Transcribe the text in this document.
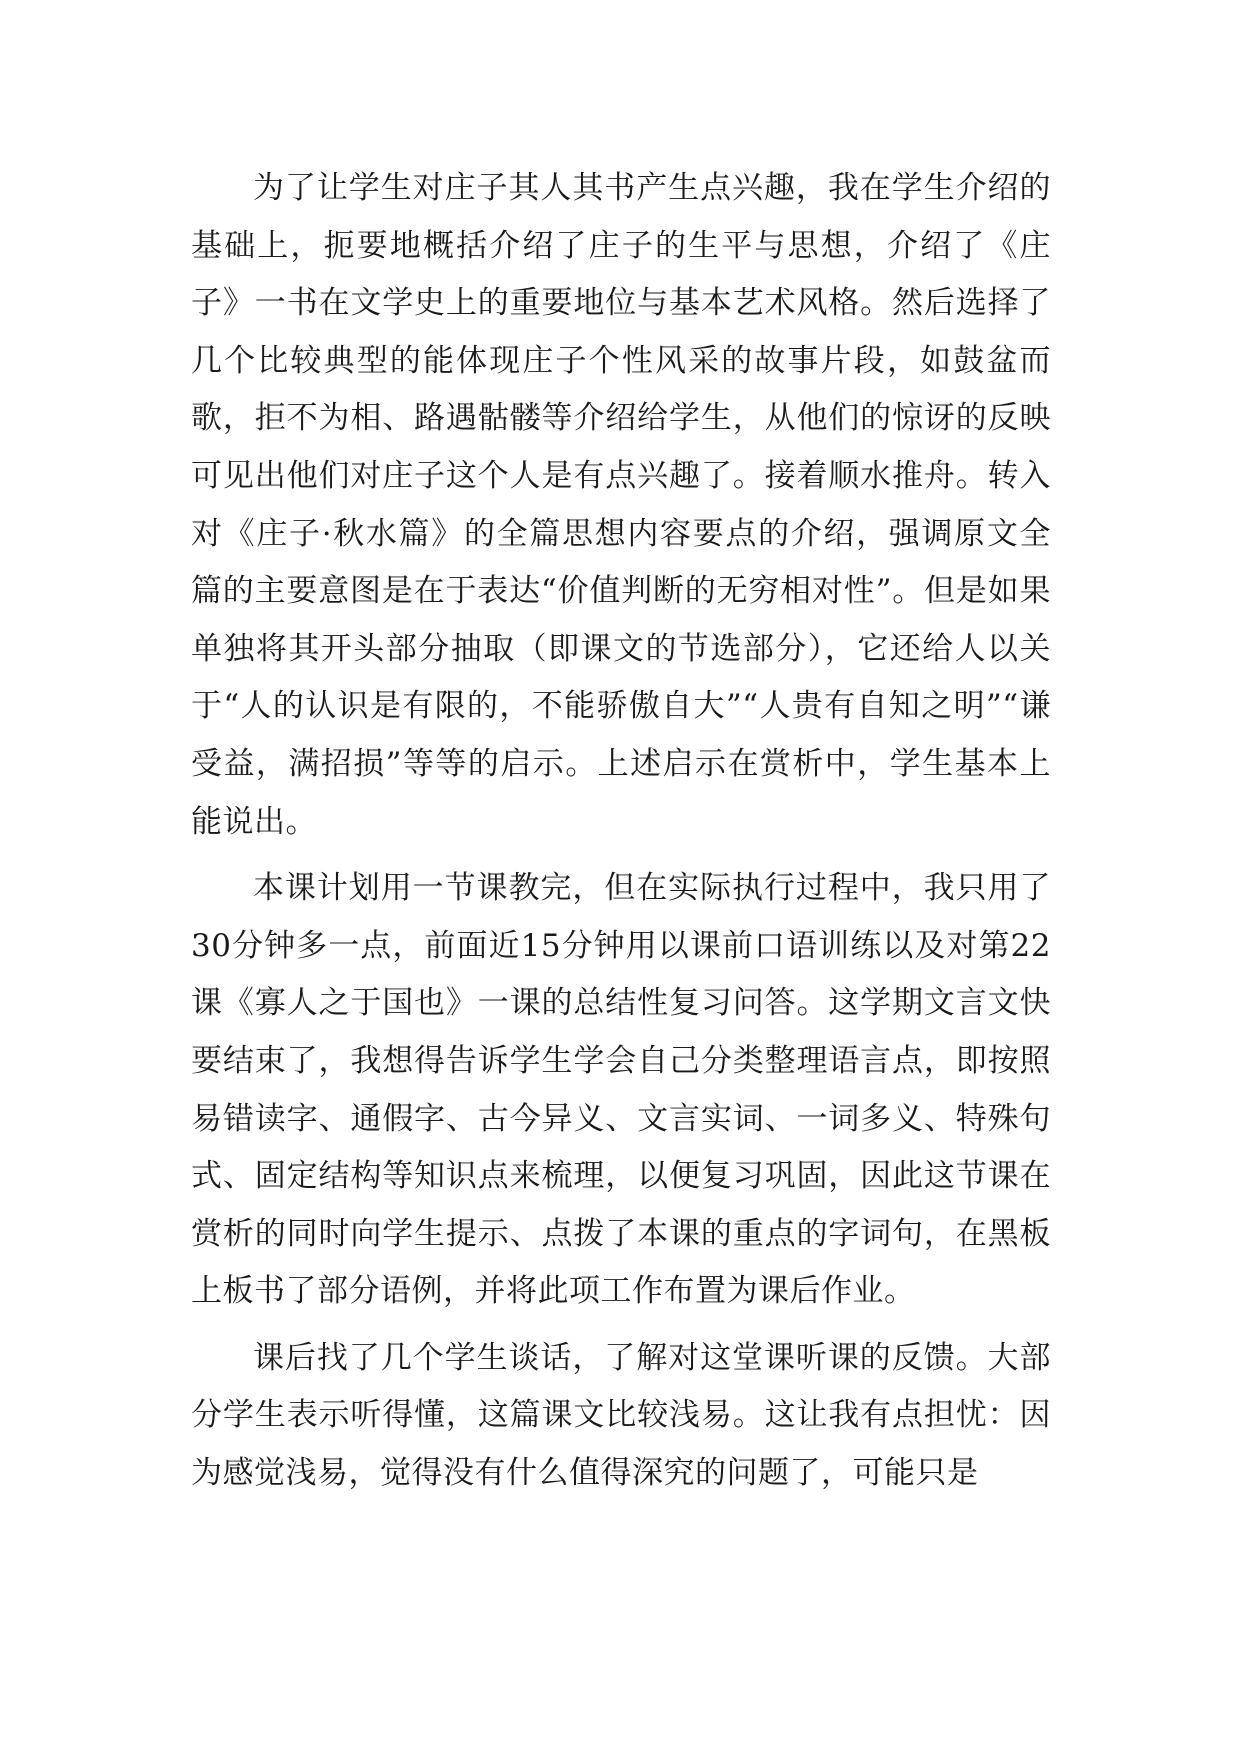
为了让学生对庄子其人其书产生点兴趣，我在学生介绍的基础上，扼要地概括介绍了庄子的生平与思想，介绍了《庄子》一书在文学史上的重要地位与基本艺术风格。然后选择了几个比较典型的能体现庄子个性风采的故事片段，如鼓盆而歌，拒不为相、路遇骷髅等介绍给学生，从他们的惊讶的反映可见出他们对庄子这个人是有点兴趣了。接着顺水推舟。转入对《庄子·秋水篇》的全篇思想内容要点的介绍，强调原文全篇的主要意图是在于表达“价值判断的无穷相对性”。但是如果单独将其开头部分抽取（即课文的节选部分），它还给人以关于“人的认识是有限的，不能骄傲自大”“人贵有自知之明”“谦受益，满招损”等等的启示。上述启示在赏析中，学生基本上能说出。

本课计划用一节课教完，但在实际执行过程中，我只用了30分钟多一点，前面近15分钟用以课前口语训练以及对第22课《寡人之于国也》一课的总结性复习问答。这学期文言文快要结束了，我想得告诉学生学会自己分类整理语言点，即按照易错读字、通假字、古今异义、文言实词、一词多义、特殊句式、固定结构等知识点来梳理，以便复习巩固，因此这节课在赏析的同时向学生提示、点拨了本课的重点的字词句，在黑板上板书了部分语例，并将此项工作布置为课后作业。

课后找了几个学生谈话，了解对这堂课听课的反馈。大部分学生表示听得懂，这篇课文比较浅易。这让我有点担忧：因为感觉浅易，觉得没有什么值得深究的问题了，可能只是
